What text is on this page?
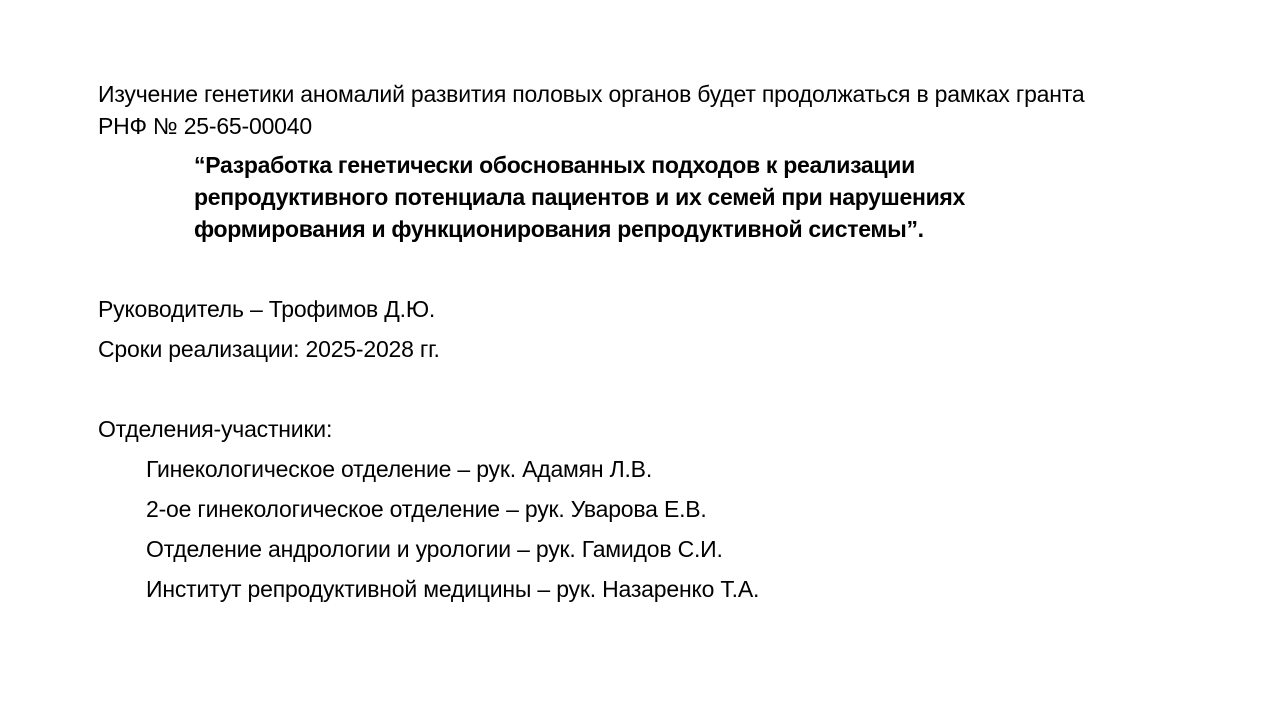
Изучение генетики аномалий развития половых органов будет продолжаться в рамках гранта РНФ № 25-65-00040
“Разработка генетически обоснованных подходов к реализации репродуктивного потенциала пациентов и их семей при нарушениях формирования и функционирования репродуктивной системы”.
Руководитель – Трофимов Д.Ю.
Сроки реализации: 2025-2028 гг.
Отделения-участники:
Гинекологическое отделение – рук. Адамян Л.В.
2-ое гинекологическое отделение – рук. Уварова Е.В.
Отделение андрологии и урологии – рук. Гамидов С.И.
Институт репродуктивной медицины – рук. Назаренко Т.А.
